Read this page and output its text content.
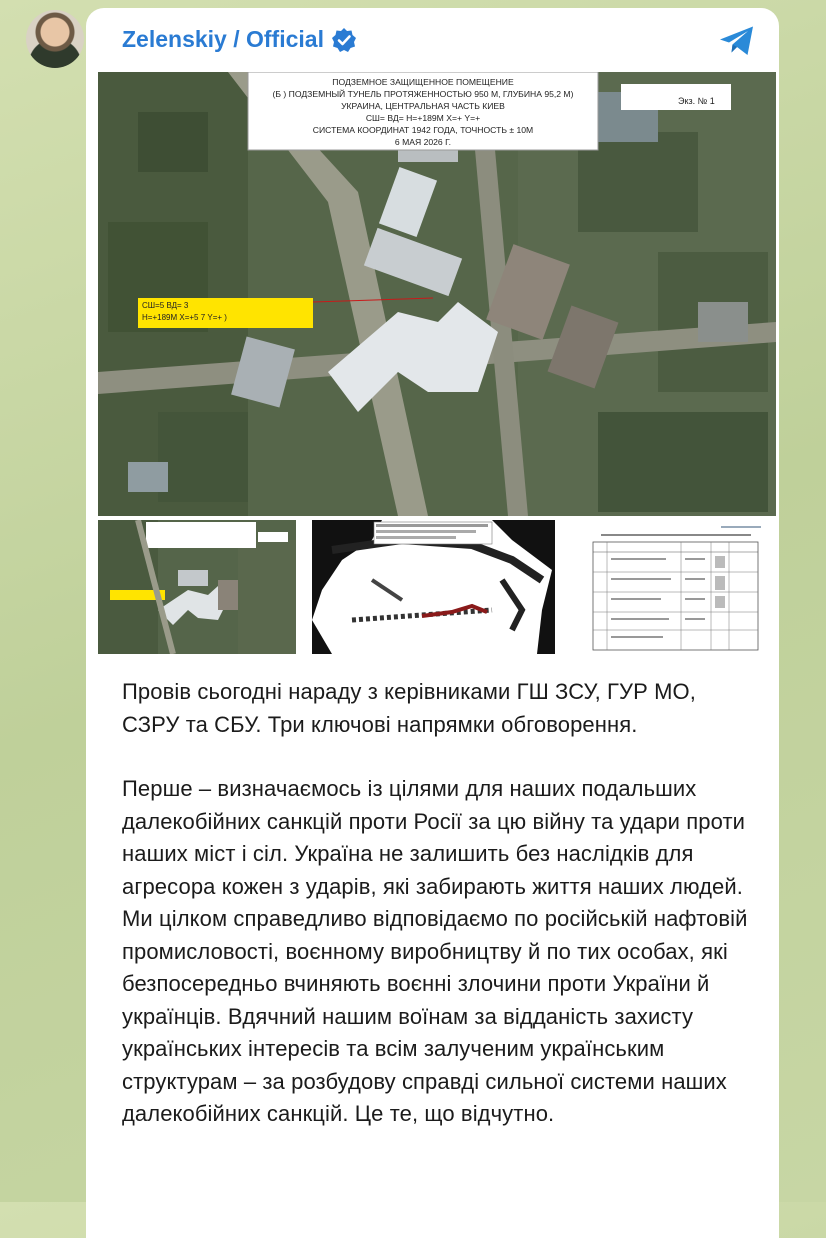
Zelenskiy / Official
ПОДЗЕМНОЕ ЗАЩИЩЕННОЕ ПОМЕЩЕНИЕ
(Б ) ПОДЗЕМНЫЙ ТУНЕЛЬ ПРОТЯЖЕННОСТЬЮ 950 М, ГЛУБИНА 95,2 М)
УКРАИНА, ЦЕНТРАЛЬНАЯ ЧАСТЬ КИЕВ
СШ= ВД= Н=+189М Х=+ Y=+
СИСТЕМА КООРДИНАТ 1942 ГОДА, ТОЧНОСТЬ ± 10М
6 МАЯ 2026 Г.
Экз. № 1
СШ=5 ВД= 3
Н=+189М Х=+5 7 Y=+ )

Провів сьогодні нараду з керівниками ГШ ЗСУ, ГУР МО, СЗРУ та СБУ. Три ключові напрямки обговорення.

Перше – визначаємось із цілями для наших подальших далекобійних санкцій проти Росії за цю війну та удари проти наших міст і сіл. Україна не залишить без наслідків для агресора кожен з ударів, які забирають життя наших людей. Ми цілком справедливо відповідаємо по російській нафтовій промисловості, воєнному виробництву й по тих особах, які безпосередньо вчиняють воєнні злочини проти України й українців. Вдячний нашим воїнам за відданість захисту українських інтересів та всім залученим українським структурам – за розбудову справді сильної системи наших далекобійних санкцій. Це те, що відчутно.
